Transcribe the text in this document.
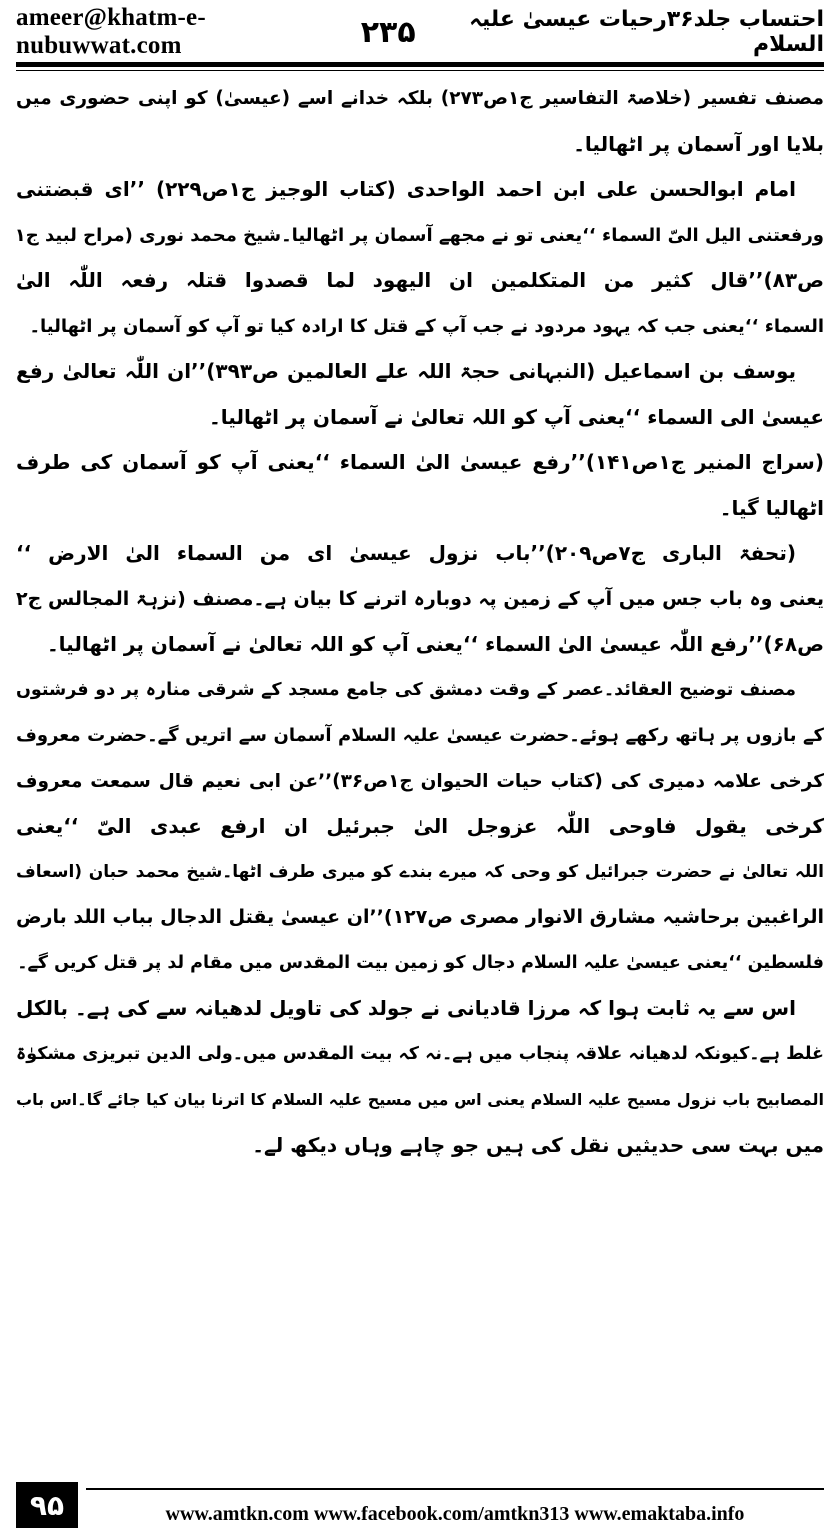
ameer@khatm-e-nubuwwat.com	۲۳۵	احتساب جلد۳۶رحیات عیسیٰ علیہ السلام
مصنف تفسیر (خلاصۃ التفاسیر ج۱ص۲۷۳) بلکہ خدانے اسے (عیسیٰ) کو اپنی حضوری میں
بلایا اور آسمان پر اٹھالیا۔
امام ابوالحسن علی ابن احمد الواحدی (کتاب الوجیز ج۱ص۲۲۹) ’’ای قبضتنی
ورفعتنی الیل الیّ السماء ‘‘یعنی تو نے مجھے آسمان پر اٹھالیا۔شیخ محمد نوری (مراح لبید ج۱
ص۸۳)’’قال کثیر من المتکلمین ان الیھود لما قصدوا قتلہ رفعہ اللّٰہ الیٰ
السماء ‘‘یعنی جب کہ یہود مردود نے جب آپ کے قتل کا ارادہ کیا تو آپ کو آسمان پر اٹھالیا۔
یوسف بن اسماعیل (النبہانی حجۃ اللہ علے العالمین ص۳۹۳)’’ان اللّٰہ تعالیٰ رفع
عیسیٰ الی السماء ‘‘یعنی آپ کو اللہ تعالیٰ نے آسمان پر اٹھالیا۔
(سراج المنیر ج۱ص۱۴۱)’’رفع عیسیٰ الیٰ السماء ‘‘یعنی آپ کو آسمان کی طرف
اٹھالیا گیا۔
(تحفۃ الباری ج۷ص۲۰۹)’’باب نزول عیسیٰ ای من السماء الیٰ الارض ‘‘
یعنی وہ باب جس میں آپ کے زمین پہ دوبارہ اترنے کا بیان ہے۔مصنف (نزہۃ المجالس ج۲
ص۶۸)’’رفع اللّٰہ عیسیٰ الیٰ السماء ‘‘یعنی آپ کو اللہ تعالیٰ نے آسمان پر اٹھالیا۔
مصنف توضیح العقائد۔عصر کے وقت دمشق کی جامع مسجد کے شرقی منارہ پر دو فرشتوں
کے بازوں پر ہاتھ رکھے ہوئے۔حضرت عیسیٰ علیہ السلام آسمان سے اتریں گے۔حضرت معروف
کرخی علامہ دمیری کی (کتاب حیات الحیوان ج۱ص۳۶)’’عن ابی نعیم قال سمعت معروف
کرخی یقول فاوحی اللّٰہ عزوجل الیٰ جبرئیل ان ارفع عبدی الیّ ‘‘یعنی
اللہ تعالیٰ نے حضرت جبرائیل کو وحی کہ میرے بندے کو میری طرف اٹھا۔شیخ محمد حبان (اسعاف
الراغبین برحاشیہ مشارق الانوار مصری ص۱۲۷)’’ان عیسیٰ یقتل الدجال بباب اللد بارض
فلسطین ‘‘یعنی عیسیٰ علیہ السلام دجال کو زمین بیت المقدس میں مقام لد پر قتل کریں گے۔
اس سے یہ ثابت ہوا کہ مرزا قادیانی نے جولد کی تاویل لدھیانہ سے کی ہے۔ بالکل
غلط ہے۔کیونکہ لدھیانہ علاقہ پنجاب میں ہے۔نہ کہ بیت المقدس میں۔ولی الدین تبریزی مشکوٰۃ
المصابیح باب نزول مسیح علیہ السلام یعنی اس میں مسیح علیہ السلام کا اترنا بیان کیا جائے گا۔اس باب
میں بہت سی حدیثیں نقل کی ہیں جو چاہے وہاں دیکھ لے۔
۹۵	www.amtkn.com www.facebook.com/amtkn313 www.emaktaba.info
